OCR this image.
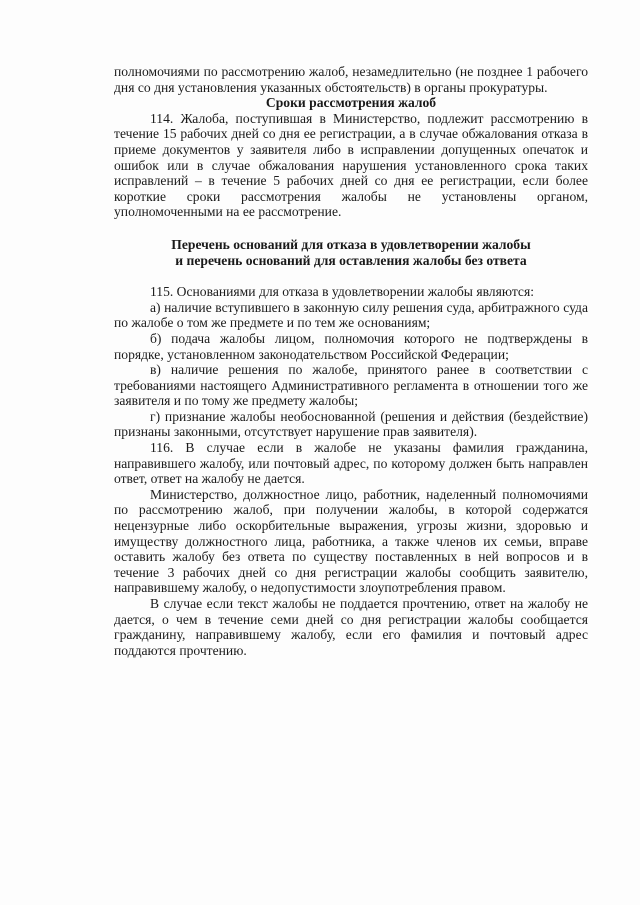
полномочиями по рассмотрению жалоб, незамедлительно (не позднее 1 рабочего дня со дня установления указанных обстоятельств) в органы прокуратуры.

Сроки рассмотрения жалоб

114. Жалоба, поступившая в Министерство, подлежит рассмотрению в течение 15 рабочих дней со дня ее регистрации, а в случае обжалования отказа в приеме документов у заявителя либо в исправлении допущенных опечаток и ошибок или в случае обжалования нарушения установленного срока таких исправлений – в течение 5 рабочих дней со дня ее регистрации, если более короткие сроки рассмотрения жалобы не установлены органом, уполномоченными на ее рассмотрение.

Перечень оснований для отказа в удовлетворении жалобы
и перечень оснований для оставления жалобы без ответа

115. Основаниями для отказа в удовлетворении жалобы являются:

а) наличие вступившего в законную силу решения суда, арбитражного суда по жалобе о том же предмете и по тем же основаниям;

б) подача жалобы лицом, полномочия которого не подтверждены в порядке, установленном законодательством Российской Федерации;

в) наличие решения по жалобе, принятого ранее в соответствии с требованиями настоящего Административного регламента в отношении того же заявителя и по тому же предмету жалобы;

г) признание жалобы необоснованной (решения и действия (бездействие) признаны законными, отсутствует нарушение прав заявителя).

116. В случае если в жалобе не указаны фамилия гражданина, направившего жалобу, или почтовый адрес, по которому должен быть направлен ответ, ответ на жалобу не дается.

Министерство, должностное лицо, работник, наделенный полномочиями по рассмотрению жалоб, при получении жалобы, в которой содержатся нецензурные либо оскорбительные выражения, угрозы жизни, здоровью и имуществу должностного лица, работника, а также членов их семьи, вправе оставить жалобу без ответа по существу поставленных в ней вопросов и в течение 3 рабочих дней со дня регистрации жалобы сообщить заявителю, направившему жалобу, о недопустимости злоупотребления правом.

В случае если текст жалобы не поддается прочтению, ответ на жалобу не дается, о чем в течение семи дней со дня регистрации жалобы сообщается гражданину, направившему жалобу, если его фамилия и почтовый адрес поддаются прочтению.
